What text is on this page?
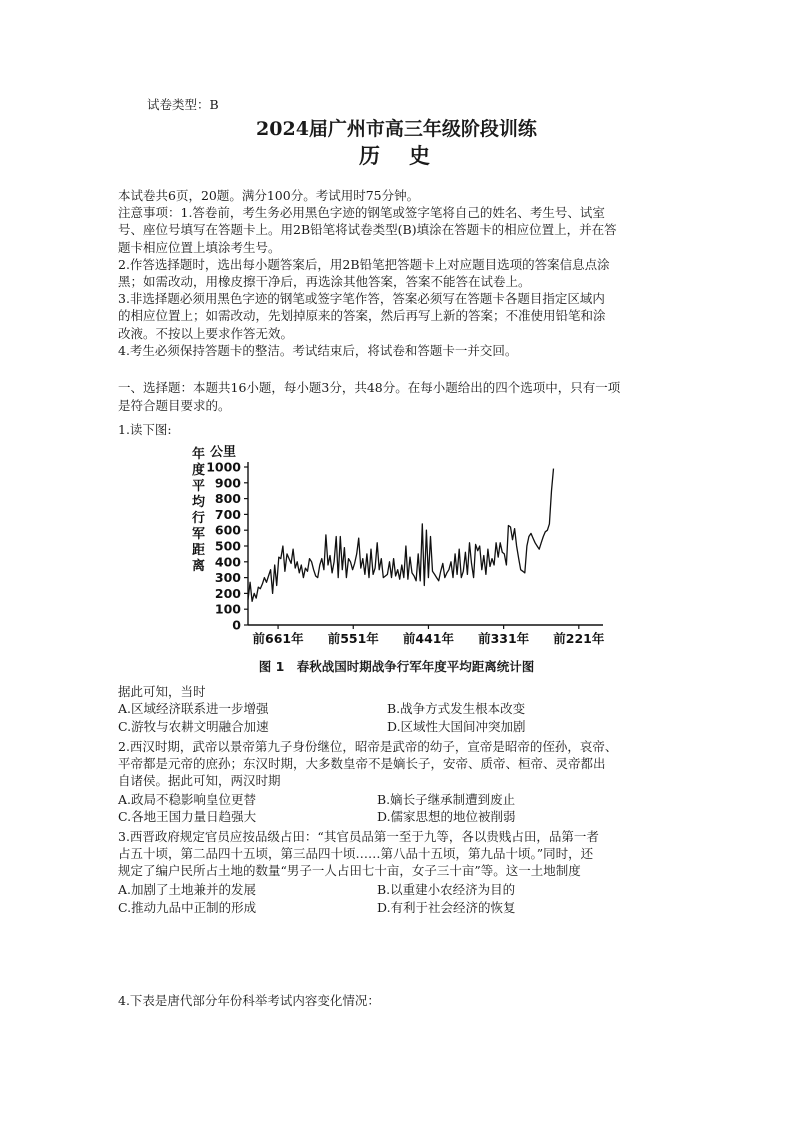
试卷类型：B
2024届广州市高三年级阶段训练
历　史
本试卷共6页，20题。满分100分。考试用时75分钟。
注意事项：1.答卷前，考生务必用黑色字迹的钢笔或签字笔将自己的姓名、考生号、试室
号、座位号填写在答题卡上。用2B铅笔将试卷类型(B)填涂在答题卡的相应位置上，并在答
题卡相应位置上填涂考生号。
2.作答选择题时，选出每小题答案后，用2B铅笔把答题卡上对应题目选项的答案信息点涂
黑；如需改动，用橡皮擦干净后，再选涂其他答案，答案不能答在试卷上。
3.非选择题必须用黑色字迹的钢笔或签字笔作答，答案必须写在答题卡各题目指定区域内
的相应位置上；如需改动，先划掉原来的答案，然后再写上新的答案；不准使用铅笔和涂
改液。不按以上要求作答无效。
4.考生必须保持答题卡的整洁。考试结束后，将试卷和答题卡一并交回。
一、选择题：本题共16小题，每小题3分，共48分。在每小题给出的四个选项中，只有一项
是符合题目要求的。
1.读下图:
年
度
平
均
行
军
距
离
公里
0
100
200
300
400
500
600
700
800
900
1000
前661年 前551年 前441年 前331年 前221年
图 1　春秋战国时期战争行军年度平均距离统计图
据此可知，当时
A.区域经济联系进一步增强	B.战争方式发生根本改变
C.游牧与农耕文明融合加速	D.区域性大国间冲突加剧
2.西汉时期，武帝以景帝第九子身份继位，昭帝是武帝的幼子，宣帝是昭帝的侄孙，哀帝、
平帝都是元帝的庶孙；东汉时期，大多数皇帝不是嫡长子，安帝、质帝、桓帝、灵帝都出
自诸侯。据此可知，两汉时期
A.政局不稳影响皇位更替	B.嫡长子继承制遭到废止
C.各地王国力量日趋强大	D.儒家思想的地位被削弱
3.西晋政府规定官员应按品级占田：“其官员品第一至于九等，各以贵贱占田，品第一者
占五十顷，第二品四十五顷，第三品四十顷……第八品十五顷，第九品十顷。”同时，还
规定了编户民所占土地的数量“男子一人占田七十亩，女子三十亩”等。这一土地制度
A.加剧了土地兼并的发展	B.以重建小农经济为目的
C.推动九品中正制的形成	D.有利于社会经济的恢复
4.下表是唐代部分年份科举考试内容变化情况：
